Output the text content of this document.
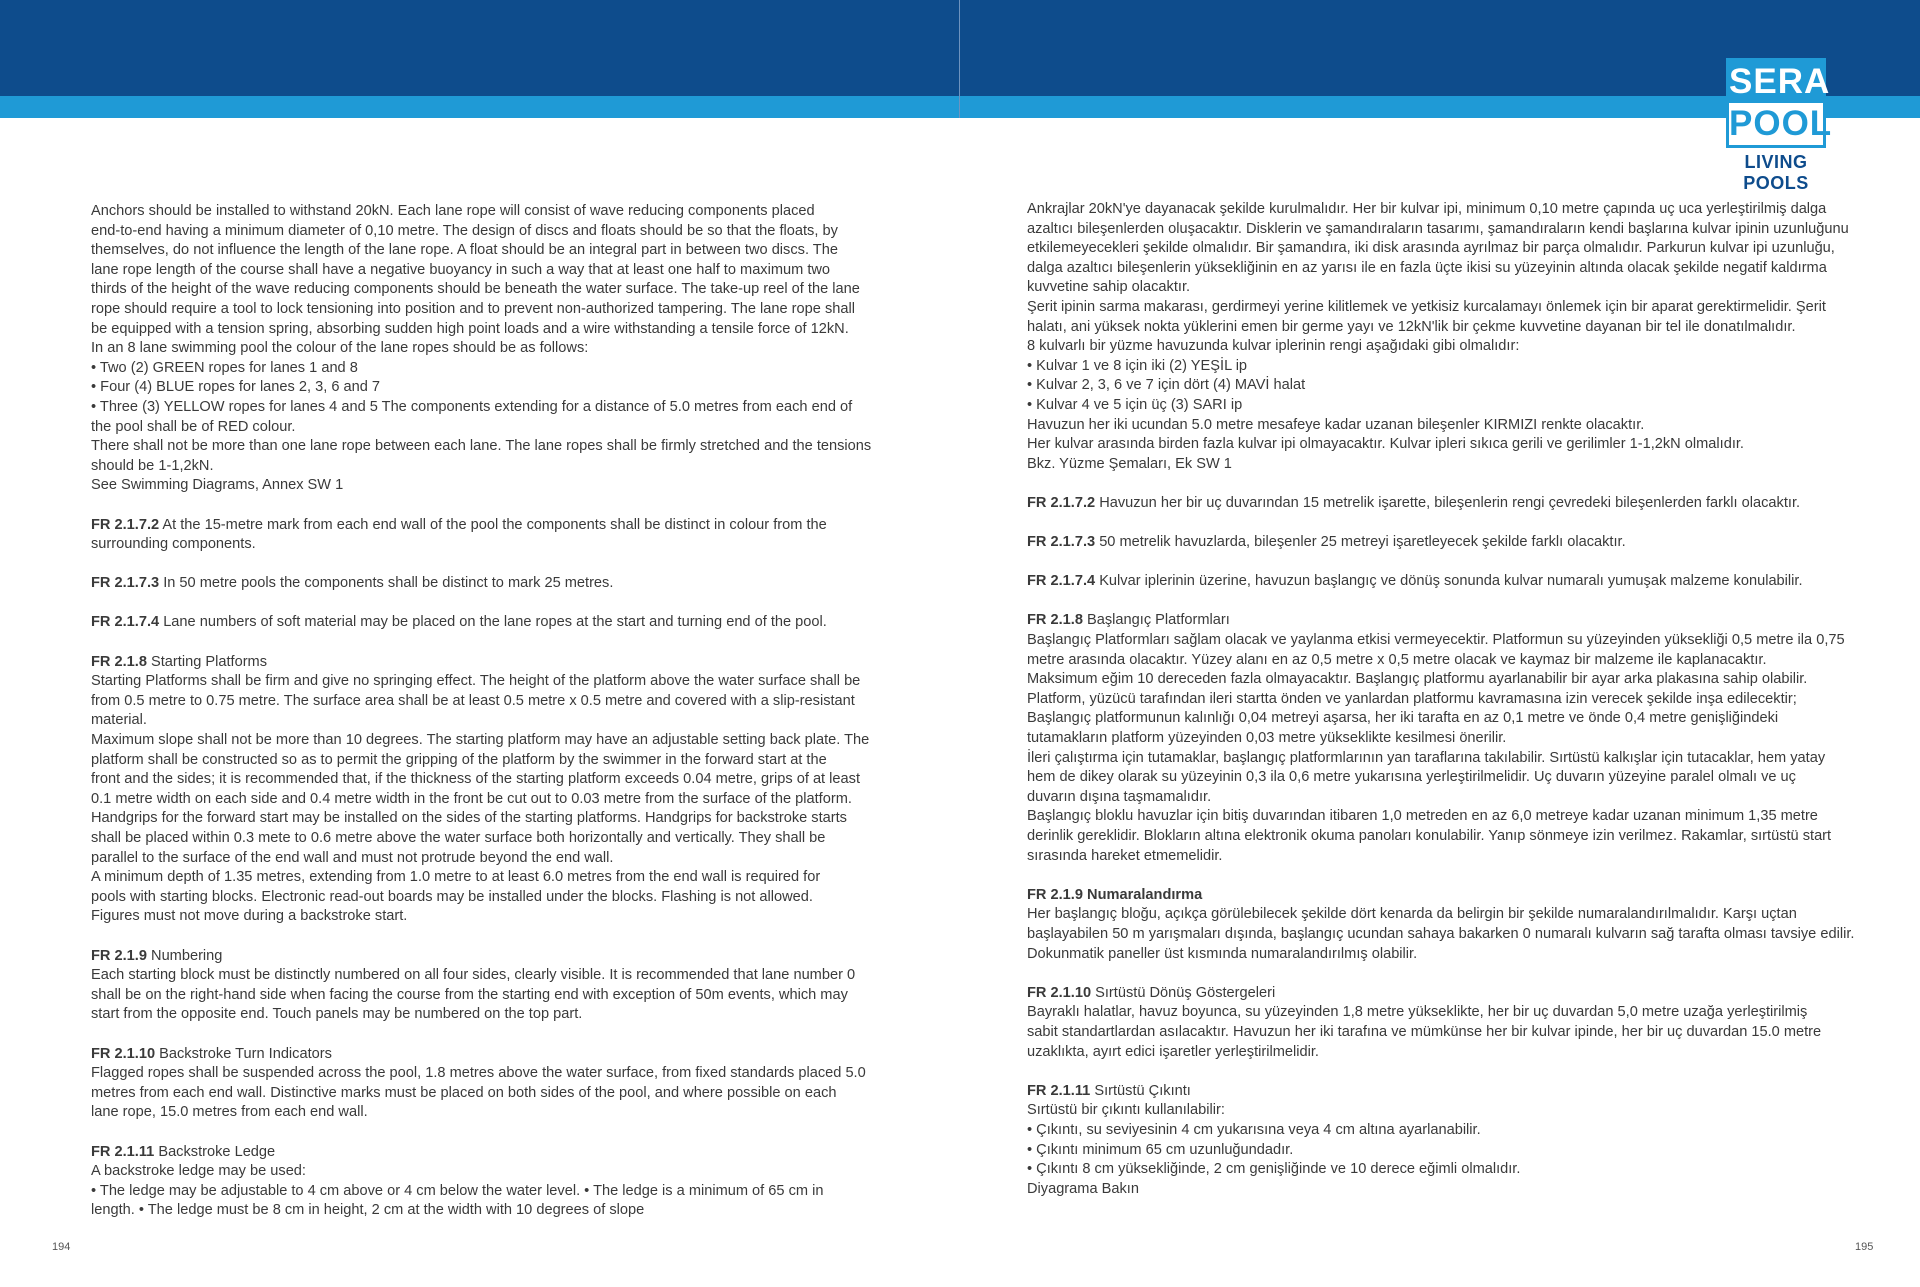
SERA
POOL
LIVING POOLS

Anchors should be installed to withstand 20kN. Each lane rope will consist of wave reducing components placed

end-to-end having a minimum diameter of 0,10 metre. The design of discs and floats should be so that the floats, by

themselves, do not influence the length of the lane rope. A float should be an integral part in between two discs. The

lane rope length of the course shall have a negative buoyancy in such a way that at least one half to maximum two

thirds of the height of the wave reducing components should be beneath the water surface. The take-up reel of the lane

rope should require a tool to lock tensioning into position and to prevent non-authorized tampering. The lane rope shall

be equipped with a tension spring, absorbing sudden high point loads and a wire withstanding a tensile force of 12kN.

In an 8 lane swimming pool the colour of the lane ropes should be as follows:

• Two (2) GREEN ropes for lanes 1 and 8

• Four (4) BLUE ropes for lanes 2, 3, 6 and 7

• Three (3) YELLOW ropes for lanes 4 and 5 The components extending for a distance of 5.0 metres from each end of

the pool shall be of RED colour.

There shall not be more than one lane rope between each lane. The lane ropes shall be firmly stretched and the tensions

should be 1-1,2kN.

See Swimming Diagrams, Annex SW 1

FR 2.1.7.2 At the 15-metre mark from each end wall of the pool the components shall be distinct in colour from the

surrounding components.

FR 2.1.7.3 In 50 metre pools the components shall be distinct to mark 25 metres.

FR 2.1.7.4 Lane numbers of soft material may be placed on the lane ropes at the start and turning end of the pool.

FR 2.1.8 Starting Platforms

Starting Platforms shall be firm and give no springing effect. The height of the platform above the water surface shall be

from 0.5 metre to 0.75 metre. The surface area shall be at least 0.5 metre x 0.5 metre and covered with a slip-resistant

material.

Maximum slope shall not be more than 10 degrees. The starting platform may have an adjustable setting back plate. The

platform shall be constructed so as to permit the gripping of the platform by the swimmer in the forward start at the

front and the sides; it is recommended that, if the thickness of the starting platform exceeds 0.04 metre, grips of at least

0.1 metre width on each side and 0.4 metre width in the front be cut out to 0.03 metre from the surface of the platform.

Handgrips for the forward start may be installed on the sides of the starting platforms. Handgrips for backstroke starts

shall be placed within 0.3 mete to 0.6 metre above the water surface both horizontally and vertically. They shall be

parallel to the surface of the end wall and must not protrude beyond the end wall.

A minimum depth of 1.35 metres, extending from 1.0 metre to at least 6.0 metres from the end wall is required for

pools with starting blocks. Electronic read-out boards may be installed under the blocks. Flashing is not allowed.

Figures must not move during a backstroke start.

FR 2.1.9 Numbering

Each starting block must be distinctly numbered on all four sides, clearly visible. It is recommended that lane number 0

shall be on the right-hand side when facing the course from the starting end with exception of 50m events, which may

start from the opposite end. Touch panels may be numbered on the top part.

FR 2.1.10 Backstroke Turn Indicators

Flagged ropes shall be suspended across the pool, 1.8 metres above the water surface, from fixed standards placed 5.0

metres from each end wall. Distinctive marks must be placed on both sides of the pool, and where possible on each

lane rope, 15.0 metres from each end wall.

FR 2.1.11 Backstroke Ledge

A backstroke ledge may be used:

• The ledge may be adjustable to 4 cm above or 4 cm below the water level. • The ledge is a minimum of 65 cm in

length. • The ledge must be 8 cm in height, 2 cm at the width with 10 degrees of slope

Ankrajlar 20kN'ye dayanacak şekilde kurulmalıdır. Her bir kulvar ipi, minimum 0,10 metre çapında uç uca yerleştirilmiş dalga

azaltıcı bileşenlerden oluşacaktır. Disklerin ve şamandıraların tasarımı, şamandıraların kendi başlarına kulvar ipinin uzunluğunu

etkilemeyecekleri şekilde olmalıdır. Bir şamandıra, iki disk arasında ayrılmaz bir parça olmalıdır. Parkurun kulvar ipi uzunluğu,

dalga azaltıcı bileşenlerin yüksekliğinin en az yarısı ile en fazla üçte ikisi su yüzeyinin altında olacak şekilde negatif kaldırma

kuvvetine sahip olacaktır.

Şerit ipinin sarma makarası, gerdirmeyi yerine kilitlemek ve yetkisiz kurcalamayı önlemek için bir aparat gerektirmelidir. Şerit

halatı, ani yüksek nokta yüklerini emen bir germe yayı ve 12kN'lik bir çekme kuvvetine dayanan bir tel ile donatılmalıdır.

8 kulvarlı bir yüzme havuzunda kulvar iplerinin rengi aşağıdaki gibi olmalıdır:

• Kulvar 1 ve 8 için iki (2) YEŞİL ip

• Kulvar 2, 3, 6 ve 7 için dört (4) MAVİ halat

• Kulvar 4 ve 5 için üç (3) SARI ip

Havuzun her iki ucundan 5.0 metre mesafeye kadar uzanan bileşenler KIRMIZI renkte olacaktır.

Her kulvar arasında birden fazla kulvar ipi olmayacaktır. Kulvar ipleri sıkıca gerili ve gerilimler 1-1,2kN olmalıdır.

Bkz. Yüzme Şemaları, Ek SW 1

FR 2.1.7.2 Havuzun her bir uç duvarından 15 metrelik işarette, bileşenlerin rengi çevredeki bileşenlerden farklı olacaktır.

FR 2.1.7.3 50 metrelik havuzlarda, bileşenler 25 metreyi işaretleyecek şekilde farklı olacaktır.

FR 2.1.7.4 Kulvar iplerinin üzerine, havuzun başlangıç ve dönüş sonunda kulvar numaralı yumuşak malzeme konulabilir.

FR 2.1.8 Başlangıç Platformları

Başlangıç Platformları sağlam olacak ve yaylanma etkisi vermeyecektir. Platformun su yüzeyinden yüksekliği 0,5 metre ila 0,75

metre arasında olacaktır. Yüzey alanı en az 0,5 metre x 0,5 metre olacak ve kaymaz bir malzeme ile kaplanacaktır.

Maksimum eğim 10 dereceden fazla olmayacaktır. Başlangıç platformu ayarlanabilir bir ayar arka plakasına sahip olabilir.

Platform, yüzücü tarafından ileri startta önden ve yanlardan platformu kavramasına izin verecek şekilde inşa edilecektir;

Başlangıç platformunun kalınlığı 0,04 metreyi aşarsa, her iki tarafta en az 0,1 metre ve önde 0,4 metre genişliğindeki

tutamakların platform yüzeyinden 0,03 metre yükseklikte kesilmesi önerilir.

İleri çalıştırma için tutamaklar, başlangıç platformlarının yan taraflarına takılabilir. Sırtüstü kalkışlar için tutacaklar, hem yatay

hem de dikey olarak su yüzeyinin 0,3 ila 0,6 metre yukarısına yerleştirilmelidir. Uç duvarın yüzeyine paralel olmalı ve uç

duvarın dışına taşmamalıdır.

Başlangıç bloklu havuzlar için bitiş duvarından itibaren 1,0 metreden en az 6,0 metreye kadar uzanan minimum 1,35 metre

derinlik gereklidir. Blokların altına elektronik okuma panoları konulabilir. Yanıp sönmeye izin verilmez. Rakamlar, sırtüstü start

sırasında hareket etmemelidir.

FR 2.1.9 Numaralandırma

Her başlangıç bloğu, açıkça görülebilecek şekilde dört kenarda da belirgin bir şekilde numaralandırılmalıdır. Karşı uçtan

başlayabilen 50 m yarışmaları dışında, başlangıç ucundan sahaya bakarken 0 numaralı kulvarın sağ tarafta olması tavsiye edilir.

Dokunmatik paneller üst kısmında numaralandırılmış olabilir.

FR 2.1.10 Sırtüstü Dönüş Göstergeleri

Bayraklı halatlar, havuz boyunca, su yüzeyinden 1,8 metre yükseklikte, her bir uç duvardan 5,0 metre uzağa yerleştirilmiş

sabit standartlardan asılacaktır. Havuzun her iki tarafına ve mümkünse her bir kulvar ipinde, her bir uç duvardan 15.0 metre

uzaklıkta, ayırt edici işaretler yerleştirilmelidir.

FR 2.1.11 Sırtüstü Çıkıntı

Sırtüstü bir çıkıntı kullanılabilir:

• Çıkıntı, su seviyesinin 4 cm yukarısına veya 4 cm altına ayarlanabilir.

• Çıkıntı minimum 65 cm uzunluğundadır.

• Çıkıntı 8 cm yüksekliğinde, 2 cm genişliğinde ve 10 derece eğimli olmalıdır.

Diyagrama Bakın

194	195
